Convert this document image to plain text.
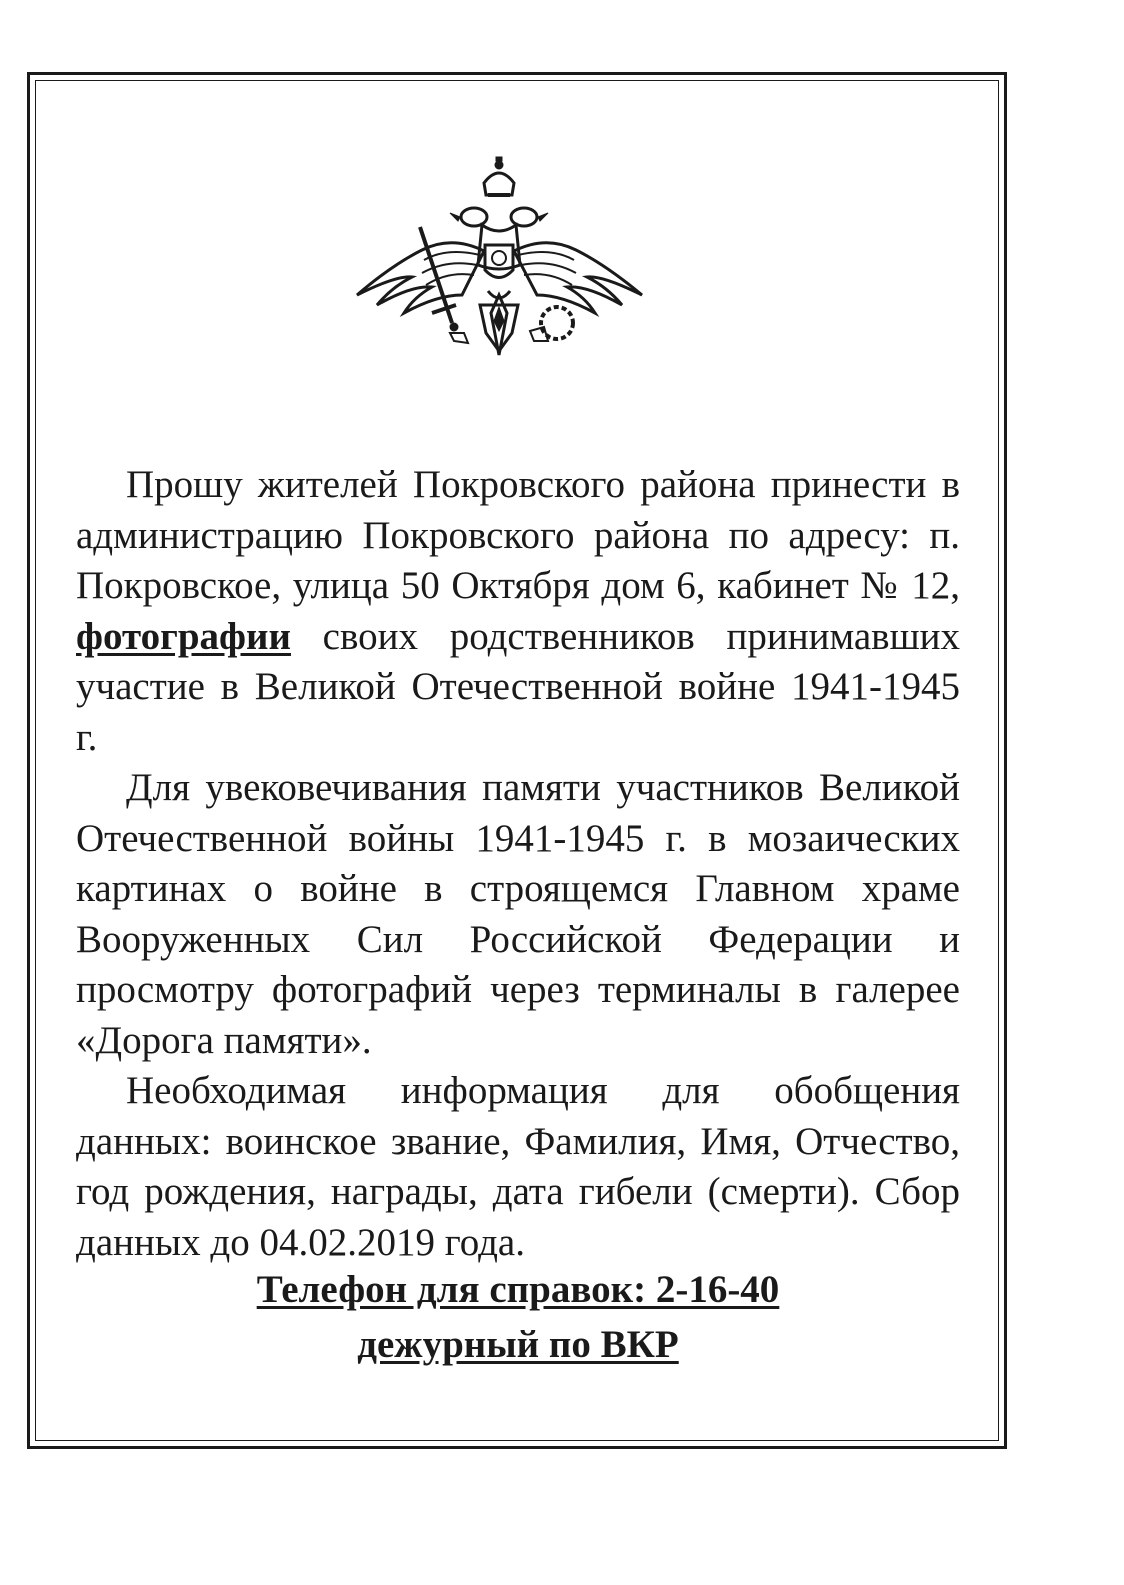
Прошу жителей Покровского района принести в администрацию Покровского района по адресу: п. Покровское, улица 50 Октября дом 6, кабинет № 12, фотографии своих родственников принимавших участие в Великой Отечественной войне 1941-1945 г.

Для увековечивания памяти участников Великой Отечественной войны 1941-1945 г. в мозаических картинах о войне в строящемся Главном храме Вооруженных Сил Российской Федерации и просмотру фотографий через терминалы в галерее «Дорога памяти».

Необходимая информация для обобщения данных: воинское звание, Фамилия, Имя, Отчество, год рождения, награды, дата гибели (смерти). Сбор данных до 04.02.2019 года.

Телефон для справок: 2-16-40
дежурный по ВКР
